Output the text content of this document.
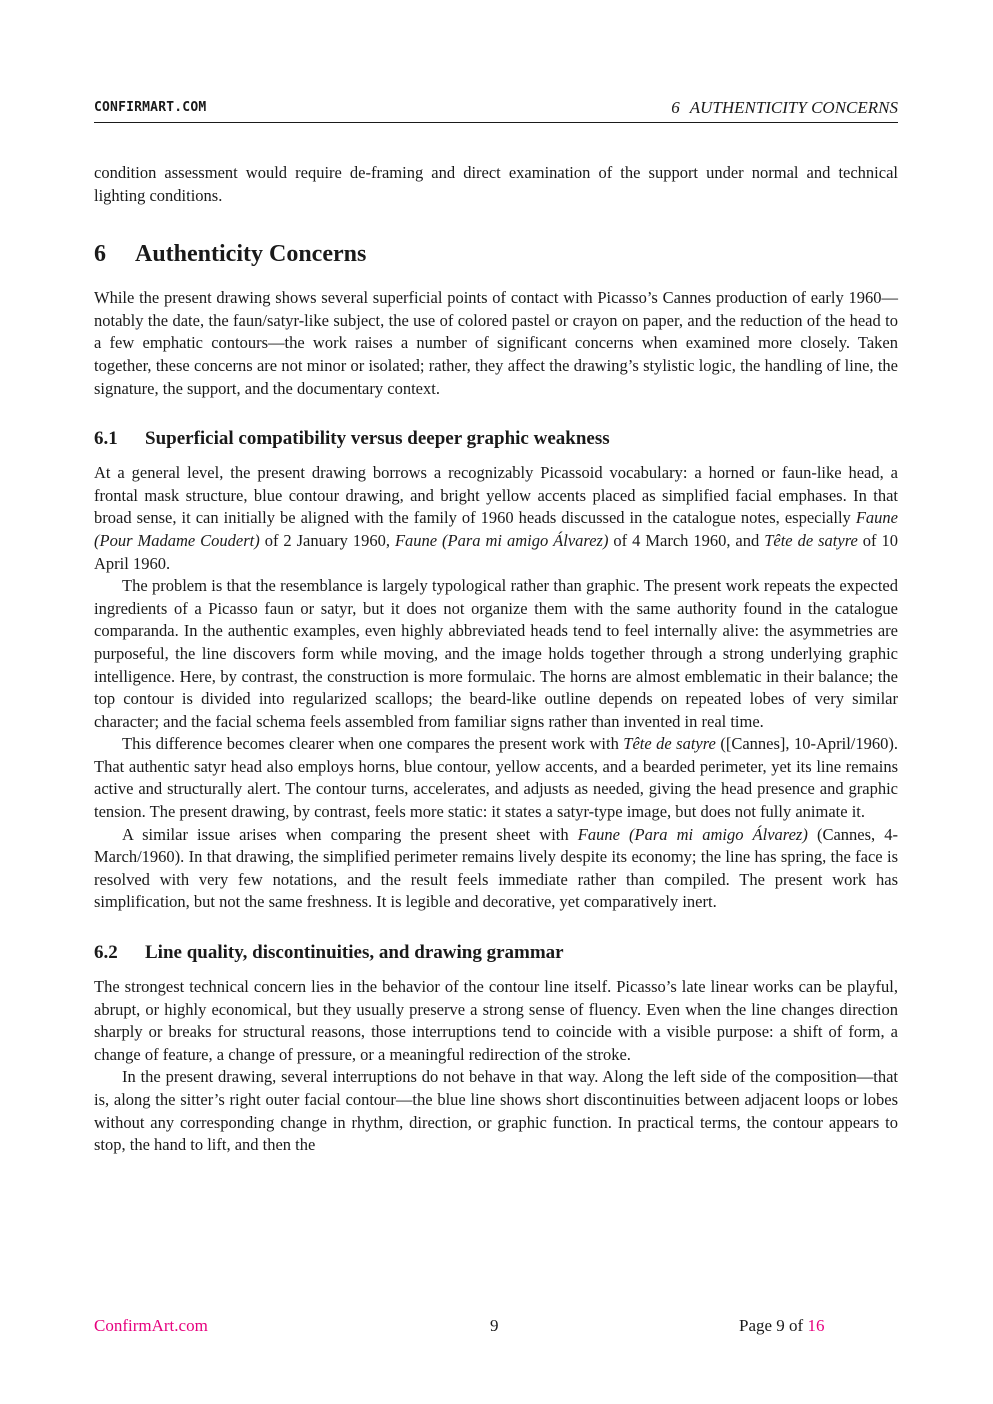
CONFIRMART.COM	6 AUTHENTICITY CONCERNS

condition assessment would require de-framing and direct examination of the support under normal and technical lighting conditions.

6 Authenticity Concerns

While the present drawing shows several superficial points of contact with Picasso’s Cannes production of early 1960—notably the date, the faun/satyr-like subject, the use of colored pastel or crayon on paper, and the reduction of the head to a few emphatic contours—the work raises a number of significant concerns when examined more closely. Taken together, these concerns are not minor or isolated; rather, they affect the drawing’s stylistic logic, the handling of line, the signature, the support, and the documentary context.

6.1 Superficial compatibility versus deeper graphic weakness

At a general level, the present drawing borrows a recognizably Picassoid vocabulary: a horned or faun-like head, a frontal mask structure, blue contour drawing, and bright yellow accents placed as simplified facial emphases. In that broad sense, it can initially be aligned with the family of 1960 heads discussed in the catalogue notes, especially Faune (Pour Madame Coudert) of 2 January 1960, Faune (Para mi amigo Álvarez) of 4 March 1960, and Tête de satyre of 10 April 1960.

The problem is that the resemblance is largely typological rather than graphic. The present work repeats the expected ingredients of a Picasso faun or satyr, but it does not organize them with the same authority found in the catalogue comparanda. In the authentic examples, even highly abbreviated heads tend to feel internally alive: the asymmetries are purposeful, the line discovers form while moving, and the image holds together through a strong underlying graphic intelligence. Here, by contrast, the construction is more formulaic. The horns are almost emblematic in their balance; the top contour is divided into regularized scallops; the beard-like outline depends on repeated lobes of very similar character; and the facial schema feels assembled from familiar signs rather than invented in real time.

This difference becomes clearer when one compares the present work with Tête de satyre ([Cannes], 10-April/1960). That authentic satyr head also employs horns, blue contour, yellow accents, and a bearded perimeter, yet its line remains active and structurally alert. The contour turns, accelerates, and adjusts as needed, giving the head presence and graphic tension. The present drawing, by contrast, feels more static: it states a satyr-type image, but does not fully animate it.

A similar issue arises when comparing the present sheet with Faune (Para mi amigo Álvarez) (Cannes, 4-March/1960). In that drawing, the simplified perimeter remains lively despite its economy; the line has spring, the face is resolved with very few notations, and the result feels immediate rather than compiled. The present work has simplification, but not the same freshness. It is legible and decorative, yet comparatively inert.

6.2 Line quality, discontinuities, and drawing grammar

The strongest technical concern lies in the behavior of the contour line itself. Picasso’s late linear works can be playful, abrupt, or highly economical, but they usually preserve a strong sense of fluency. Even when the line changes direction sharply or breaks for structural reasons, those interruptions tend to coincide with a visible purpose: a shift of form, a change of feature, a change of pressure, or a meaningful redirection of the stroke.

In the present drawing, several interruptions do not behave in that way. Along the left side of the composition—that is, along the sitter’s right outer facial contour—the blue line shows short discontinuities between adjacent loops or lobes without any corresponding change in rhythm, direction, or graphic function. In practical terms, the contour appears to stop, the hand to lift, and then the

ConfirmArt.com	9	Page 9 of 16
